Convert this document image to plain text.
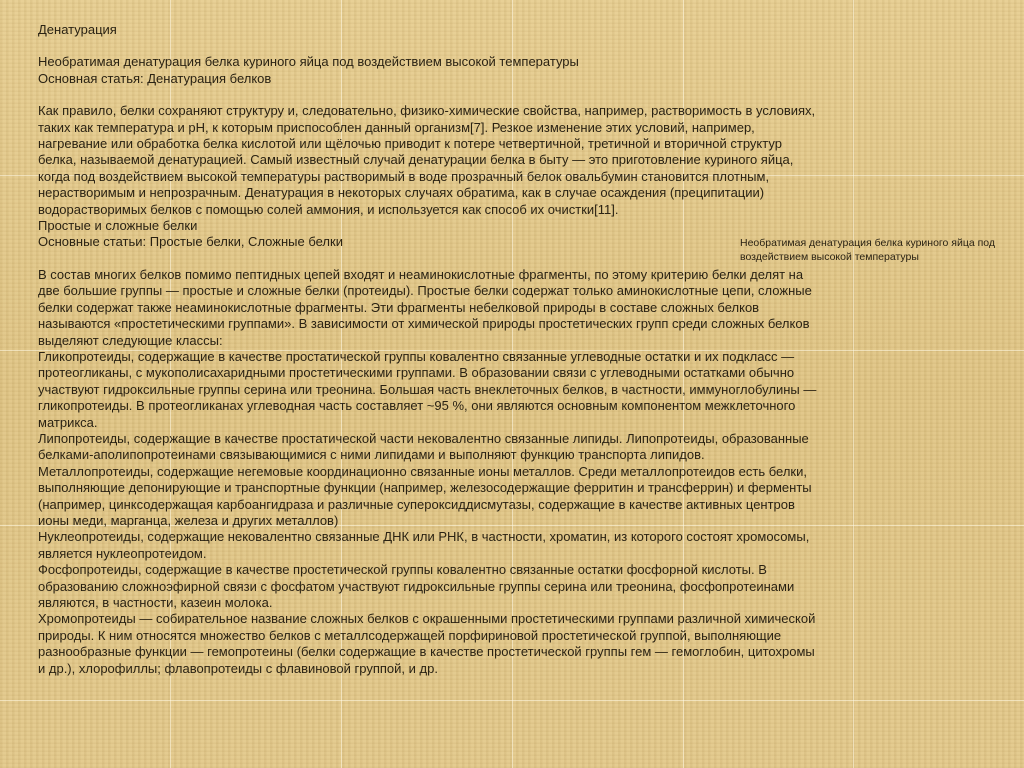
Денатурация

Необратимая денатурация белка куриного яйца под воздействием высокой температуры

Основная статья: Денатурация белков

Как правило, белки сохраняют структуру и, следовательно, физико-химические свойства, например, растворимость в условиях, таких как температура и pH, к которым приспособлен данный организм[7]. Резкое изменение этих условий, например, нагревание или обработка белка кислотой или щёлочью приводит к потере четвертичной, третичной и вторичной структур белка, называемой денатурацией. Самый известный случай денатурации белка в быту — это приготовление куриного яйца, когда под воздействием высокой температуры растворимый в воде прозрачный белок овальбумин становится плотным, нерастворимым и непрозрачным. Денатурация в некоторых случаях обратима, как в случае осаждения (преципитации) водорастворимых белков с помощью солей аммония, и используется как способ их очистки[11].

Простые и сложные белки

Основные статьи: Простые белки, Сложные белки

В состав многих белков помимо пептидных цепей входят и неаминокислотные фрагменты, по этому критерию белки делят на две большие группы — простые и сложные белки (протеиды). Простые белки содержат только аминокислотные цепи, сложные белки содержат также неаминокислотные фрагменты. Эти фрагменты небелковой природы в составе сложных белков называются «простетическими группами». В зависимости от химической природы простетических групп среди сложных белков выделяют следующие классы:

Гликопротеиды, содержащие в качестве простатической группы ковалентно связанные углеводные остатки и их подкласс — протеогликаны, с мукополисахаридными простетическими группами. В образовании связи с углеводными остатками обычно участвуют гидроксильные группы серина или треонина. Большая часть внеклеточных белков, в частности, иммуноглобулины — гликопротеиды. В протеогликанах углеводная часть составляет ~95 %, они являются основным компонентом межклеточного матрикса.

Липопротеиды, содержащие в качестве простатической части нековалентно связанные липиды. Липопротеиды, образованные белками-аполипопротеинами связывающимися с ними липидами и выполняют функцию транспорта липидов.

Металлопротеиды, содержащие негемовые координационно связанные ионы металлов. Среди металлопротеидов есть белки, выполняющие депонирующие и транспортные функции (например, железосодержащие ферритин и трансферрин) и ферменты (например, цинксодержащая карбоангидраза и различные супероксиддисмутазы, содержащие в качестве активных центров ионы меди, марганца, железа и других металлов)

Нуклеопротеиды, содержащие нековалентно связанные ДНК или РНК, в частности, хроматин, из которого состоят хромосомы, является нуклеопротеидом.

Фосфопротеиды, содержащие в качестве простетической группы ковалентно связанные остатки фосфорной кислоты. В образованию сложноэфирной связи с фосфатом участвуют гидроксильные группы серина или треонина, фосфопротеинами являются, в частности, казеин молока.

Хромопротеиды — собирательное название сложных белков с окрашенными простетическими группами различной химической природы. К ним относятся множество белков с металлсодержащей порфириновой простетической группой, выполняющие разнообразные функции — гемопротеины (белки содержащие в качестве простетической группы гем — гемоглобин, цитохромы и др.), хлорофиллы; флавопротеиды с флавиновой группой, и др.

Необратимая денатурация белка куриного яйца под воздействием высокой температуры
